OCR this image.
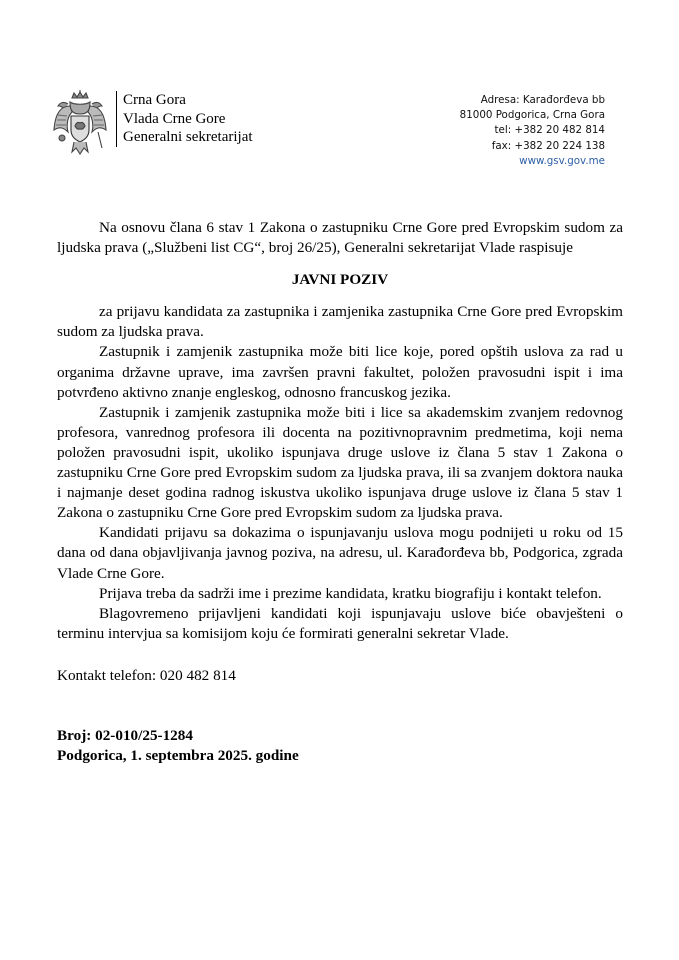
Crna Gora
Vlada Crne Gore
Generalni sekretarijat
Adresa: Karađorđeva bb
81000 Podgorica, Crna Gora
tel: +382 20 482 814
fax: +382 20 224 138
www.gsv.gov.me

Na osnovu člana 6 stav 1 Zakona o zastupniku Crne Gore pred Evropskim sudom za ljudska prava („Službeni list CG“, broj 26/25), Generalni sekretarijat Vlade raspisuje

JAVNI POZIV

za prijavu kandidata za zastupnika i zamjenika zastupnika Crne Gore pred Evropskim sudom za ljudska prava.

Zastupnik i zamjenik zastupnika može biti lice koje, pored opštih uslova za rad u organima državne uprave, ima završen pravni fakultet, položen pravosudni ispit i ima potvrđeno aktivno znanje engleskog, odnosno francuskog jezika.

Zastupnik i zamjenik zastupnika može biti i lice sa akademskim zvanjem redovnog profesora, vanrednog profesora ili docenta na pozitivnopravnim predmetima, koji nema položen pravosudni ispit, ukoliko ispunjava druge uslove iz člana 5 stav 1 Zakona o zastupniku Crne Gore pred Evropskim sudom za ljudska prava, ili sa zvanjem doktora nauka i najmanje deset godina radnog iskustva ukoliko ispunjava druge uslove iz člana 5 stav 1 Zakona o zastupniku Crne Gore pred Evropskim sudom za ljudska prava.

Kandidati prijavu sa dokazima o ispunjavanju uslova mogu podnijeti u roku od 15 dana od dana objavljivanja javnog poziva, na adresu, ul. Karađorđeva bb, Podgorica, zgrada Vlade Crne Gore.

Prijava treba da sadrži ime i prezime kandidata, kratku biografiju i kontakt telefon.

Blagovremeno prijavljeni kandidati koji ispunjavaju uslove biće obavješteni o terminu intervjua sa komisijom koju će formirati generalni sekretar Vlade.

Kontakt telefon: 020 482 814

Broj: 02-010/25-1284
Podgorica, 1. septembra 2025. godine
